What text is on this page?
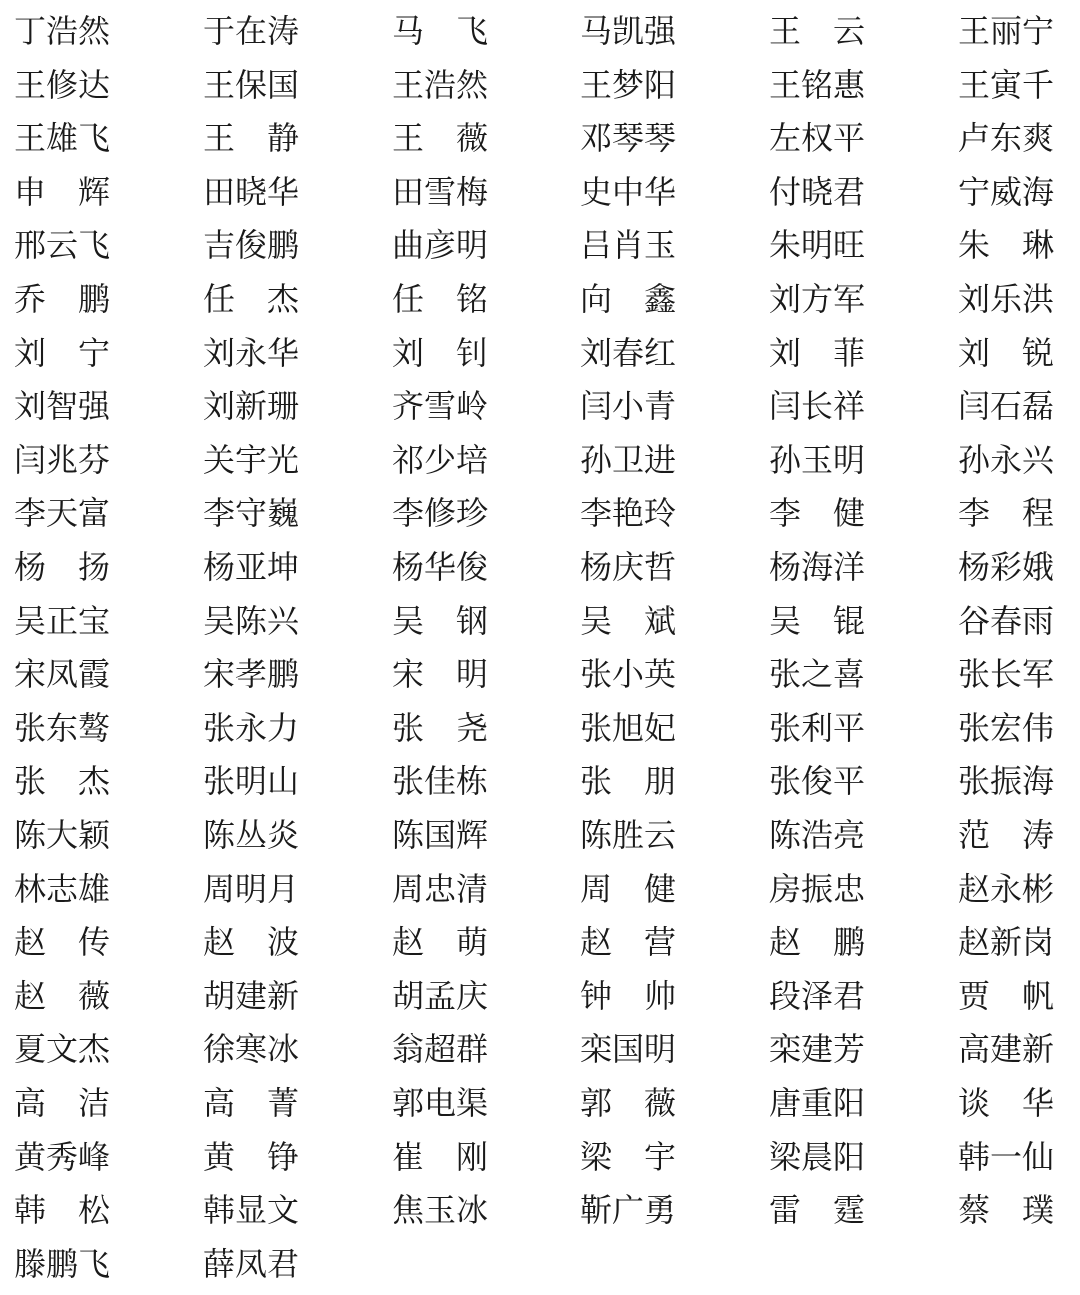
丁浩然	于在涛	马　飞	马凯强	王　云	王丽宁
王修达	王保国	王浩然	王梦阳	王铭惠	王寅千
王雄飞	王　静	王　薇	邓琴琴	左权平	卢东爽
申　辉	田晓华	田雪梅	史中华	付晓君	宁威海
邢云飞	吉俊鹏	曲彦明	吕肖玉	朱明旺	朱　琳
乔　鹏	任　杰	任　铭	向　鑫	刘方军	刘乐洪
刘　宁	刘永华	刘　钊	刘春红	刘　菲	刘　锐
刘智强	刘新珊	齐雪岭	闫小青	闫长祥	闫石磊
闫兆芬	关宇光	祁少培	孙卫进	孙玉明	孙永兴
李天富	李守巍	李修珍	李艳玲	李　健	李　程
杨　扬	杨亚坤	杨华俊	杨庆哲	杨海洋	杨彩娥
吴正宝	吴陈兴	吴　钢	吴　斌	吴　锟	谷春雨
宋凤霞	宋孝鹏	宋　明	张小英	张之喜	张长军
张东骜	张永力	张　尧	张旭妃	张利平	张宏伟
张　杰	张明山	张佳栋	张　朋	张俊平	张振海
陈大颖	陈丛炎	陈国辉	陈胜云	陈浩亮	范　涛
林志雄	周明月	周忠清	周　健	房振忠	赵永彬
赵　传	赵　波	赵　萌	赵　营	赵　鹏	赵新岗
赵　薇	胡建新	胡孟庆	钟　帅	段泽君	贾　帆
夏文杰	徐寒冰	翁超群	栾国明	栾建芳	高建新
高　洁	高　菁	郭电渠	郭　薇	唐重阳	谈　华
黄秀峰	黄　铮	崔　刚	梁　宇	梁晨阳	韩一仙
韩　松	韩显文	焦玉冰	靳广勇	雷　霆	蔡　璞
滕鹏飞	薛凤君
